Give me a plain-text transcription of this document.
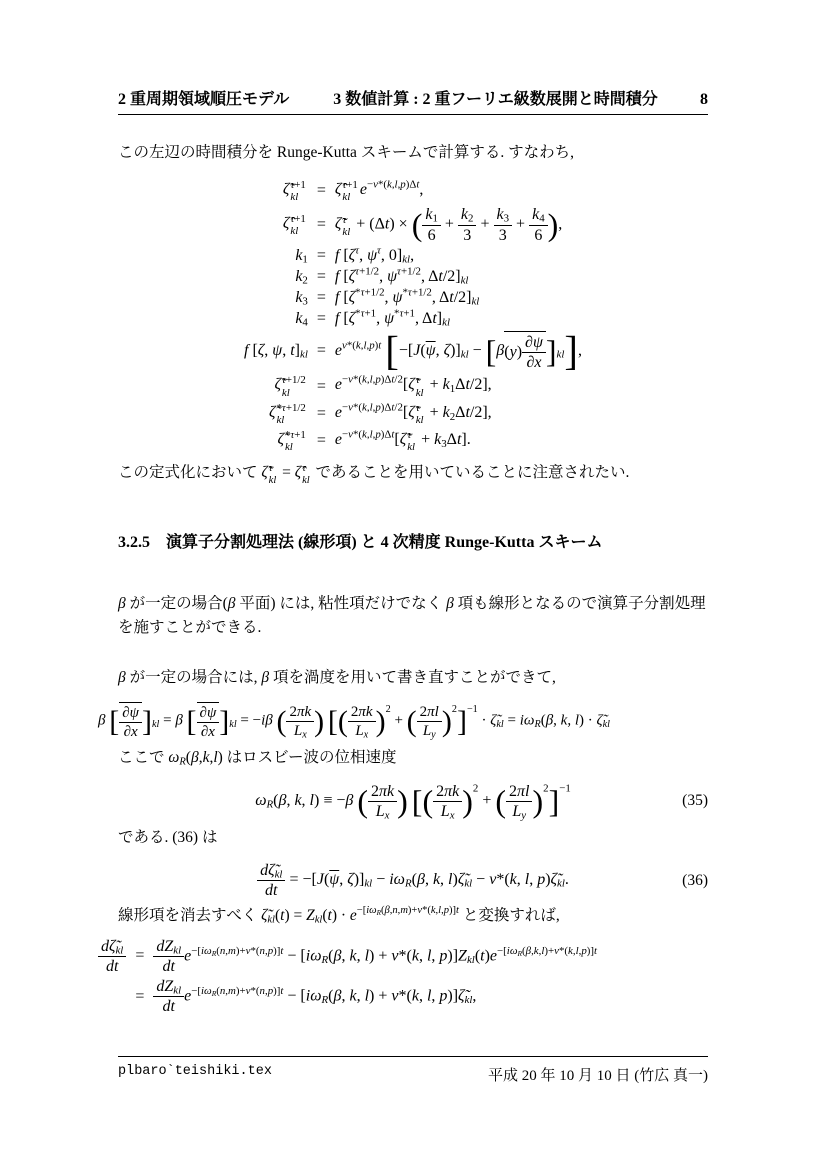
2 重周期領域順圧モデル	3 数値計算 : 2 重フーリエ級数展開と時間積分	8

この左辺の時間積分を Runge-Kutta スキームで計算する. すなわち,

ζ̃ τ+1
kl	= ζ̂ τ+1
kl $e^{-\nu*(k,l,p)\Delta t}$,
ζ̂ τ+1
kl	= ζ̃ τ
kl + (Δt) × ( $\frac{k_1}{6} + \frac{k_2}{3} + \frac{k_3}{3} + \frac{k_4}{6}$ ),
$k_1 = f$ [$\zeta^\tau$, $\psi^\tau$, $0]_{kl}$,
$k_2 = f$ [$\zeta^{\tau+1/2}$, $\psi^{\tau+1/2}$, $\Delta t/2]_{kl}$
$k_3 = f$ [$\zeta^{*\tau+1/2}$, $\psi^{*\tau+1/2}$, $\Delta t/2]_{kl}$
$k_4 = f$ [$\zeta^{*\tau+1}$, $\psi^{*\tau+1}$, $\Delta t]_{kl}$
f [ζ, ψ, $t]_{kl} = e^{\nu*(k,l,p)t}$ [$-[J(\overline{\psi}$, $\zeta)]_{kl} - [\beta(y) \frac{\partial\psi}{\partial x} ]_{kl}$],
ζ̃ τ+1/2
kl	= $e^{-\nu*(k,l,p)\Delta t/2}[\zetã$ τ
kl + $k_1\Delta t/2$],
ζ̃ *τ+1/2
kl	= $e^{-\nu*(k,l,p)\Delta t/2}[\zetã$ τ
kl + $k_2\Delta t/2$],
ζ̃ *τ+1
kl	= $e^{-\nu*(k,l,p)\Delta t}[\zetã$ τ
kl + $k_3\Delta t$].

この定式化において ζ̃ τ
kl = ζ̂ τ
kl であることを用いていることに注意されたい.

3.2.5 演算子分割処理法 (線形項) と 4 次精度 Runge-Kutta スキーム

β が一定の場合(β 平面) には, 粘性項だけでなく β 項も線形となるので演算子分割処理を施すことができる.

β が一定の場合には, β 項を渦度を用いて書き直すことができて,

β [ $\frac{\partial\psi}{\partial x} ]_{kl} = \beta$ [ $\frac{\partial\psi}{\partial x} ]_{kl} = -i\beta$ ( $\frac{2\pi k}{L_x}$ ) [( $\frac{2\pi k}{L_x} )^2$ + ( $\frac{2\pi l}{L_y} )^2]^{-1}$ · $\zetã_{kl} = i\omega_R(\beta$, k, $l) \cdot \zetã_{kl}$

ここで $\omega_R(\beta,k,l)$ はロスビー波の位相速度

$\omega_R(\beta$, k, l) ≡ −β ( $\frac{2\pi k}{L_x}$ ) [( $\frac{2\pi k}{L_x} )^2$ + ( $\frac{2\pi l}{L_y} )^2]^{-1}$
(35)

である. (36) は

$\frac{d\zetã_{kl}}{dt} = -[J(\overline{\psi}$, $\zeta)]_{kl} - i\omega_R(\beta$, k, $l)\zetã_{kl} - \nu*(k$, l, $p)\zetã_{kl}$.	(36)

線形項を消去すべく $\zetã_{kl}(t) = Z_{kl}(t) \cdot e^{-[i\omega_R(\beta,n,m)+\nu*(k,l,p)]t}$ と変換すれば,

$\frac{d\zetã_{kl}}{dt}$ =
$dZ_{kl}$
dt
$e^{-[i\omega_R(n,m)+\nu*(n,p)]t} - [i\omega_R(\beta$, k, l) + ν*(k, l, $p)]Z_{kl}(t)e^{-[i\omega_R(\beta,k,l)+\nu*(k,l,p)]t}$
=
$dZ_{kl}$
dt
$e^{-[i\omega_R(n,m)+\nu*(n,p)]t} - [i\omega_R(\beta$, k, l) + ν*(k, l, $p)]\zetã_{kl}$,
plbaro`teishiki.tex	平成 20 年 10 月 10 日 (竹広 真一)
